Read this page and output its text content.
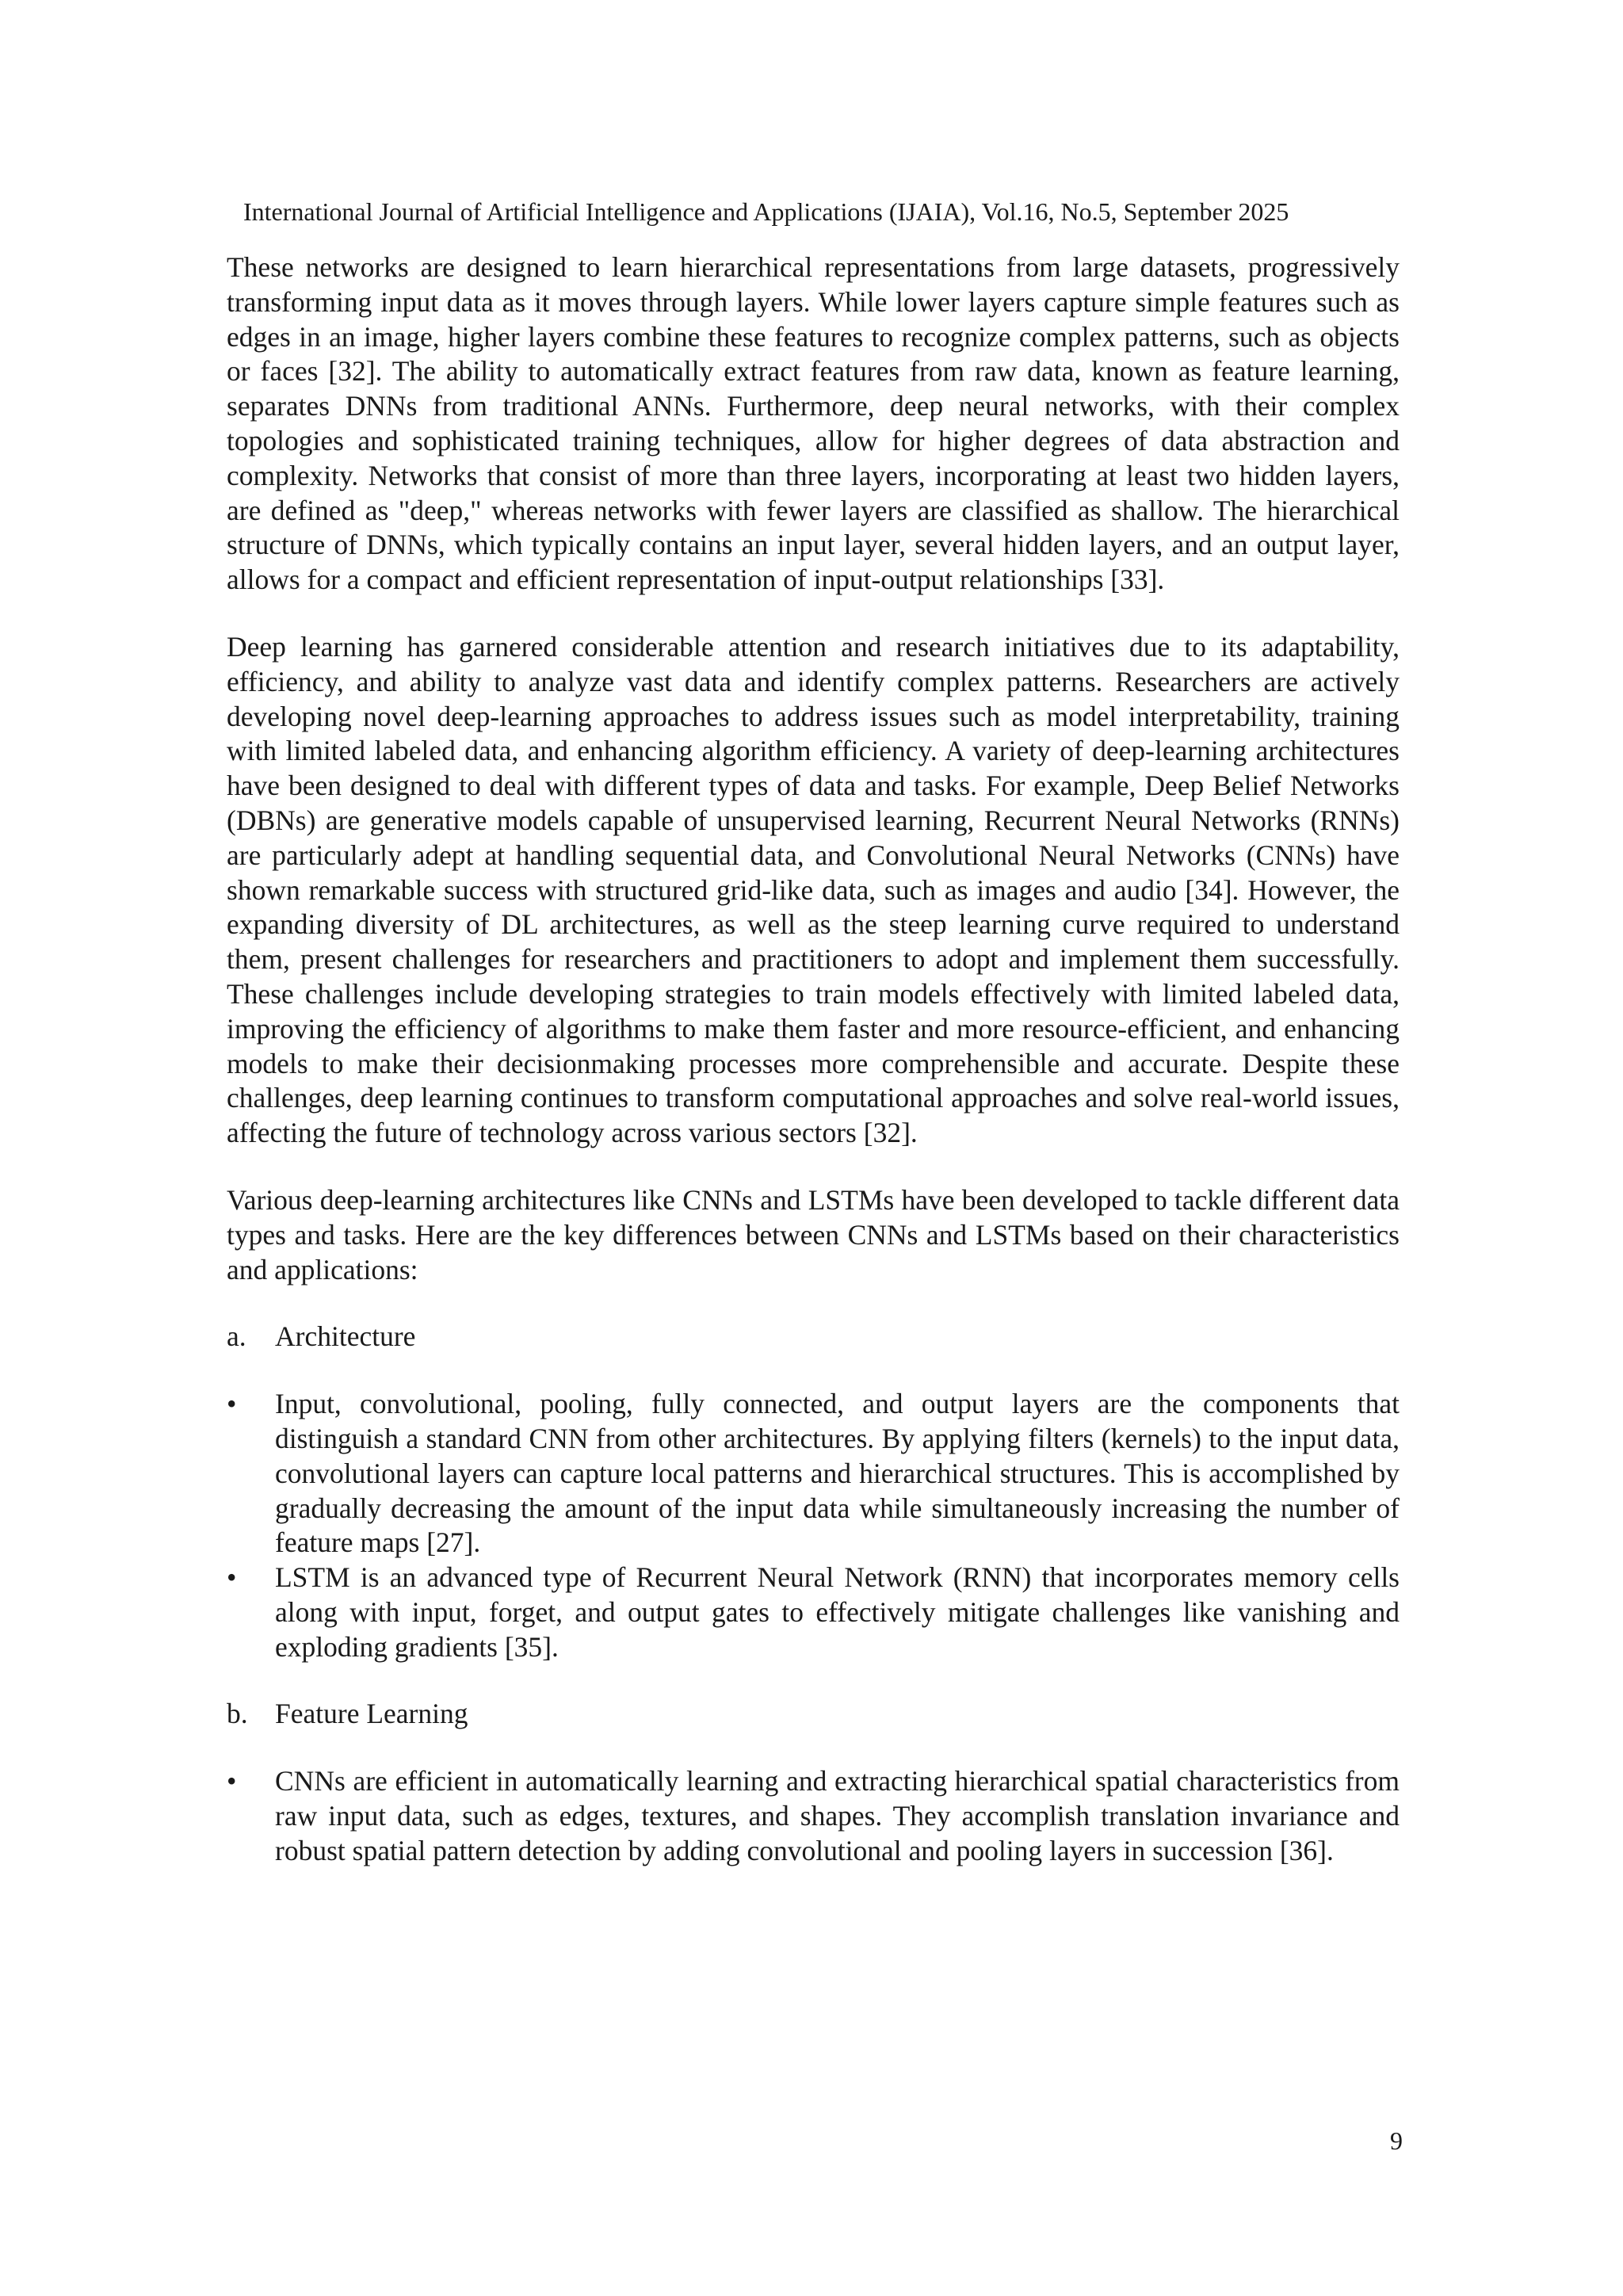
International Journal of Artificial Intelligence and Applications (IJAIA), Vol.16, No.5, September 2025

These networks are designed to learn hierarchical representations from large datasets, progressively transforming input data as it moves through layers. While lower layers capture simple features such as edges in an image, higher layers combine these features to recognize complex patterns, such as objects or faces [32]. The ability to automatically extract features from raw data, known as feature learning, separates DNNs from traditional ANNs. Furthermore, deep neural networks, with their complex topologies and sophisticated training techniques, allow for higher degrees of data abstraction and complexity. Networks that consist of more than three layers, incorporating at least two hidden layers, are defined as "deep," whereas networks with fewer layers are classified as shallow. The hierarchical structure of DNNs, which typically contains an input layer, several hidden layers, and an output layer, allows for a compact and efficient representation of input-output relationships [33].

Deep learning has garnered considerable attention and research initiatives due to its adaptability, efficiency, and ability to analyze vast data and identify complex patterns. Researchers are actively developing novel deep-learning approaches to address issues such as model interpretability, training with limited labeled data, and enhancing algorithm efficiency. A variety of deep-learning architectures have been designed to deal with different types of data and tasks. For example, Deep Belief Networks (DBNs) are generative models capable of unsupervised learning, Recurrent Neural Networks (RNNs) are particularly adept at handling sequential data, and Convolutional Neural Networks (CNNs) have shown remarkable success with structured grid-like data, such as images and audio [34]. However, the expanding diversity of DL architectures, as well as the steep learning curve required to understand them, present challenges for researchers and practitioners to adopt and implement them successfully. These challenges include developing strategies to train models effectively with limited labeled data, improving the efficiency of algorithms to make them faster and more resource-efficient, and enhancing models to make their decisionmaking processes more comprehensible and accurate. Despite these challenges, deep learning continues to transform computational approaches and solve real-world issues, affecting the future of technology across various sectors [32].

Various deep-learning architectures like CNNs and LSTMs have been developed to tackle different data types and tasks. Here are the key differences between CNNs and LSTMs based on their characteristics and applications:

a.	Architecture
•	Input, convolutional, pooling, fully connected, and output layers are the components that distinguish a standard CNN from other architectures. By applying filters (kernels) to the input data, convolutional layers can capture local patterns and hierarchical structures. This is accomplished by gradually decreasing the amount of the input data while simultaneously increasing the number of feature maps [27].
•	LSTM is an advanced type of Recurrent Neural Network (RNN) that incorporates memory cells along with input, forget, and output gates to effectively mitigate challenges like vanishing and exploding gradients [35].
b. Feature Learning
•	CNNs are efficient in automatically learning and extracting hierarchical spatial characteristics from raw input data, such as edges, textures, and shapes. They accomplish translation invariance and robust spatial pattern detection by adding convolutional and pooling layers in succession [36].
9
